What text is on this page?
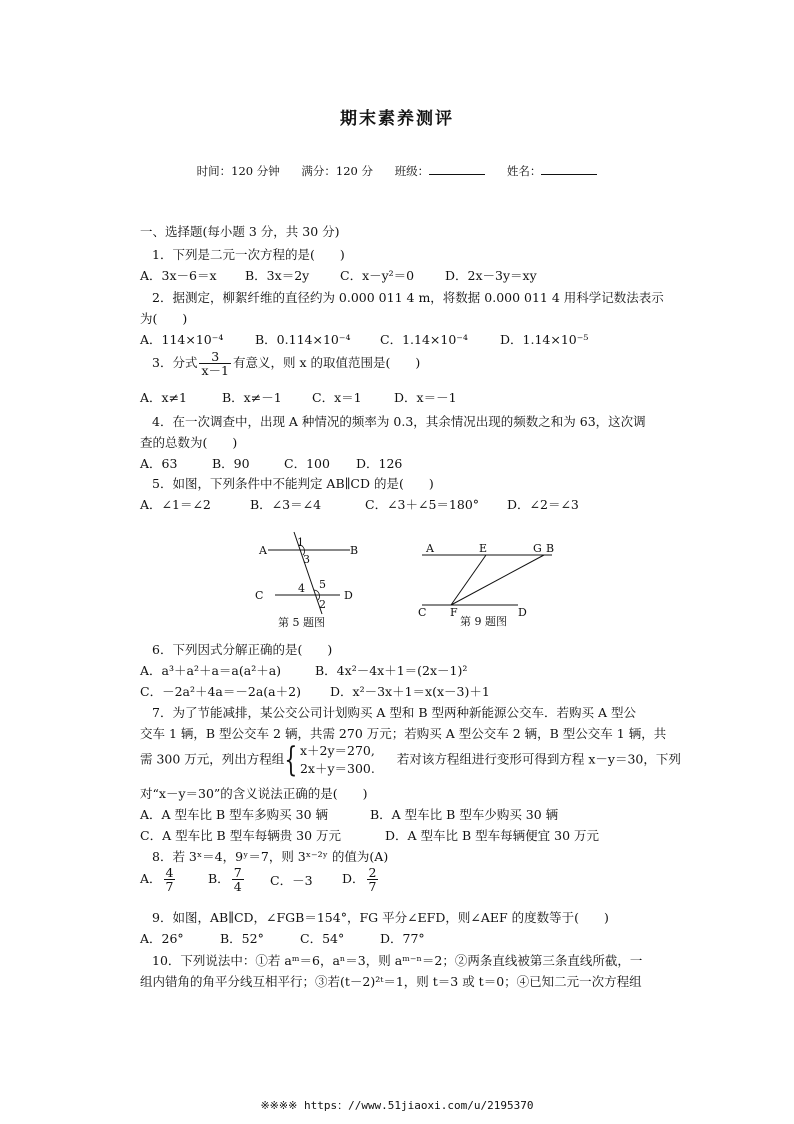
期末素养测评
时间：120 分钟 满分：120 分 班级：	姓名：
一、选择题(每小题 3 分，共 30 分)
1．下列是二元一次方程的是(　　)
A．3x－6＝x B．3x＝2y C．x－y²＝0 D．2x－3y＝xy
2．据测定，柳絮纤维的直径约为 0.000 011 4 m，将数据 0.000 011 4 用科学记数法表示
为(　　)
A．114×10⁻⁴	B．0.114×10⁻⁴ C．1.14×10⁻⁴	D．1.14×10⁻⁵
3．分式 $\frac{3}{x-1}$ 有意义，则 x 的取值范围是(　　)
A．x≠1	B．x≠－1 C．x＝1	D．x＝－1
4．在一次调查中，出现 A 种情况的频率为 0.3，其余情况出现的频数之和为 63，这次调
查的总数为(　　)
A．63	B．90	C．100 D．126
5．如图，下列条件中不能判定 AB∥CD 的是(　　)
A．∠1＝∠2	B．∠3＝∠4	C．∠3＋∠5＝180° D．∠2＝∠3
A	B
C	D
1
2
3
4 5
第 5 题图
A	E	G B
C F	D
第 9 题图
6．下列因式分解正确的是(　　)
A．a³＋a²＋a＝a(a²＋a)	B．4x²－4x＋1＝(2x－1)²
C．－2a²＋4a＝－2a(a＋2) D．x²－3x＋1＝x(x－3)＋1
7．为了节能减排，某公交公司计划购买 A 型和 B 型两种新能源公交车．若购买 A 型公
交车 1 辆，B 型公交车 2 辆，共需 270 万元；若购买 A 型公交车 2 辆，B 型公交车 1 辆，共
需 300 万元，列出方程组{ x＋2y＝270,
2x＋y＝300.
若对该方程组进行变形可得到方程 x－y＝30，下列
对“x－y＝30”的含义说法正确的是(　　)
A．A 型车比 B 型车多购买 30 辆	B．A 型车比 B 型车少购买 30 辆
C．A 型车比 B 型车每辆贵 30 万元	D．A 型车比 B 型车每辆便宜 30 万元
8．若 3ˣ＝4，9ʸ＝7，则 3ˣ⁻²ʸ 的值为(A)
A． $\frac{4}{7}$	B． $\frac{7}{4}$ C．－3 D． $\frac{2}{7}$
9．如图，AB∥CD，∠FGB＝154°，FG 平分∠EFD，则∠AEF 的度数等于(　　)
A．26°	B．52°	C．54°	D．77°
10．下列说法中：①若 aᵐ＝6，aⁿ＝3，则 aᵐ⁻ⁿ＝2；②两条直线被第三条直线所截，一
组内错角的角平分线互相平行；③若(t－2)²ᵗ＝1，则 t＝3 或 t＝0；④已知二元一次方程组
※※※※ https：//www.51jiaoxi.com/u/2195370
